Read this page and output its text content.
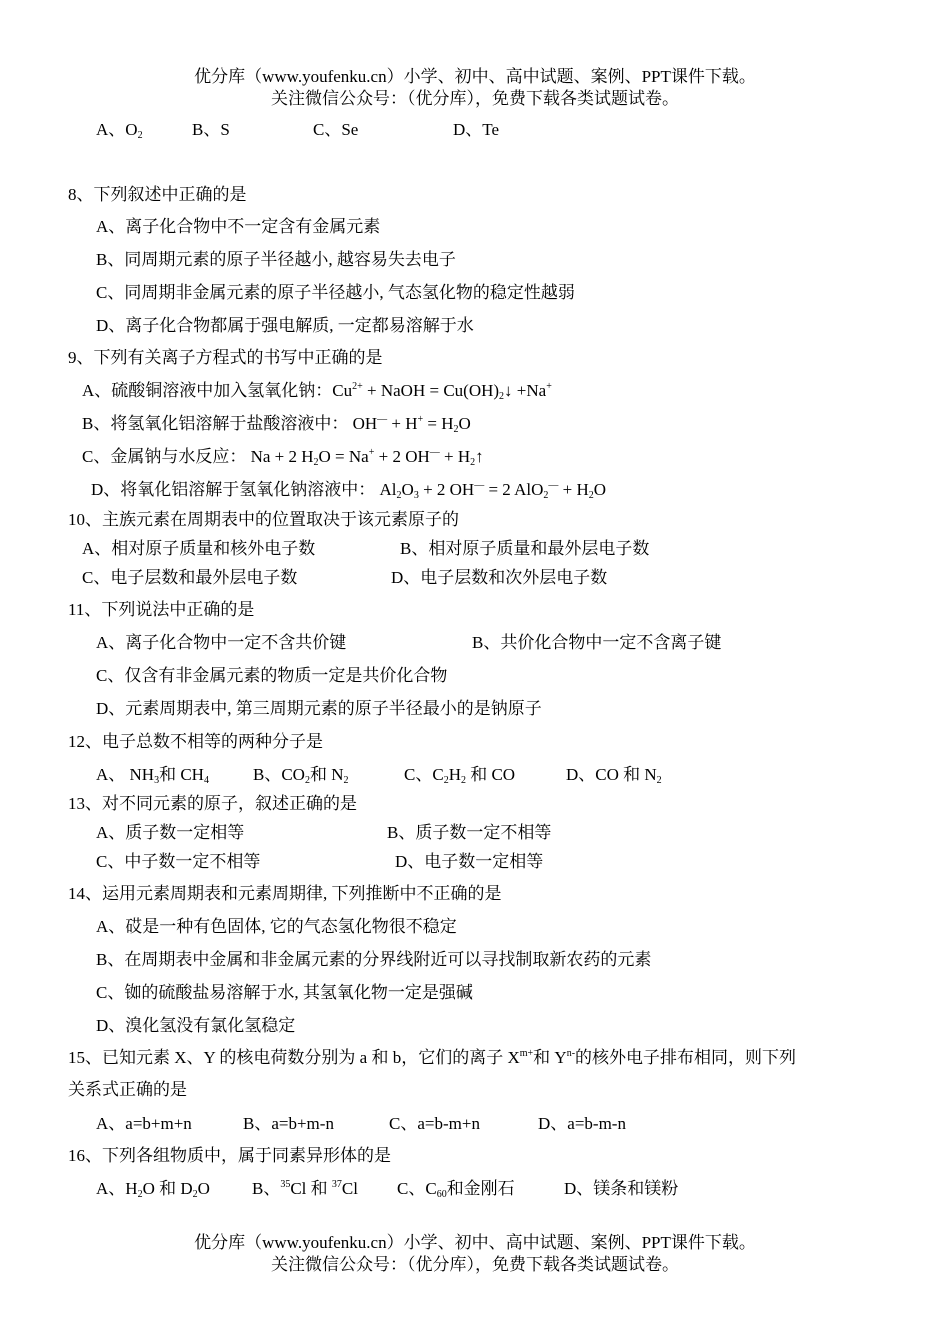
优分库（www.youfenku.cn）小学、初中、高中试题、案例、PPT课件下载。
关注微信公众号：（优分库），免费下载各类试题试卷。
A、$O_2$	B、S	C、Se	D、Te
8、下列叙述中正确的是
A、离子化合物中不一定含有金属元素
B、同周期元素的原子半径越小, 越容易失去电子
C、同周期非金属元素的原子半径越小, 气态氢化物的稳定性越弱
D、离子化合物都属于强电解质, 一定都易溶解于水
9、下列有关离子方程式的书写中正确的是
A、硫酸铜溶液中加入氢氧化钠：$Cu^{2+}$ + NaOH = $Cu(OH)_2↓ +Na^+$
B、将氢氧化铝溶解于盐酸溶液中： $OH^— + H^+ = H_2O$
C、金属钠与水反应： Na + 2 $H_2O = Na^+ + 2$ $OH^— + H_2↑$
D、将氧化铝溶解于氢氧化钠溶液中： $Al_2O_3 + 2$ OH— = 2 $AlO_2^— + H_2O$
10、主族元素在周期表中的位置取决于该元素原子的
A、相对原子质量和核外电子数	B、相对原子质量和最外层电子数
C、电子层数和最外层电子数	D、电子层数和次外层电子数
11、下列说法中正确的是
A、离子化合物中一定不含共价键	B、共价化合物中一定不含离子键
C、仅含有非金属元素的物质一定是共价化合物
D、元素周期表中, 第三周期元素的原子半径最小的是钠原子
12、电子总数不相等的两种分子是
A、 $NH_3$和 $CH_4$	B、$CO_2$和 $N_2$	C、$C_2H_2$ 和 CO	D、CO 和 $N_2$
13、对不同元素的原子，叙述正确的是
A、质子数一定相等	B、质子数一定不相等
C、中子数一定不相等	D、电子数一定相等
14、运用元素周期表和元素周期律, 下列推断中不正确的是
A、砹是一种有色固体, 它的气态氢化物很不稳定
B、在周期表中金属和非金属元素的分界线附近可以寻找制取新农药的元素
C、铷的硫酸盐易溶解于水, 其氢氧化物一定是强碱
D、溴化氢没有氯化氢稳定
15、已知元素 X、Y 的核电荷数分别为 a 和 b，它们的离子 $X^{m+}$和 $Y^{n-}$的核外电子排布相同，则下列
关系式正确的是
A、a=b+m+n	B、a=b+m-n	C、a=b-m+n	D、a=b-m-n
16、下列各组物质中，属于同素异形体的是
A、$H_2O$ 和 $D_2O$ B、$^{35}$Cl 和 $^{37}$Cl C、$C_{60}$和金刚石	D、镁条和镁粉
优分库（www.youfenku.cn）小学、初中、高中试题、案例、PPT课件下载。
关注微信公众号：（优分库），免费下载各类试题试卷。
